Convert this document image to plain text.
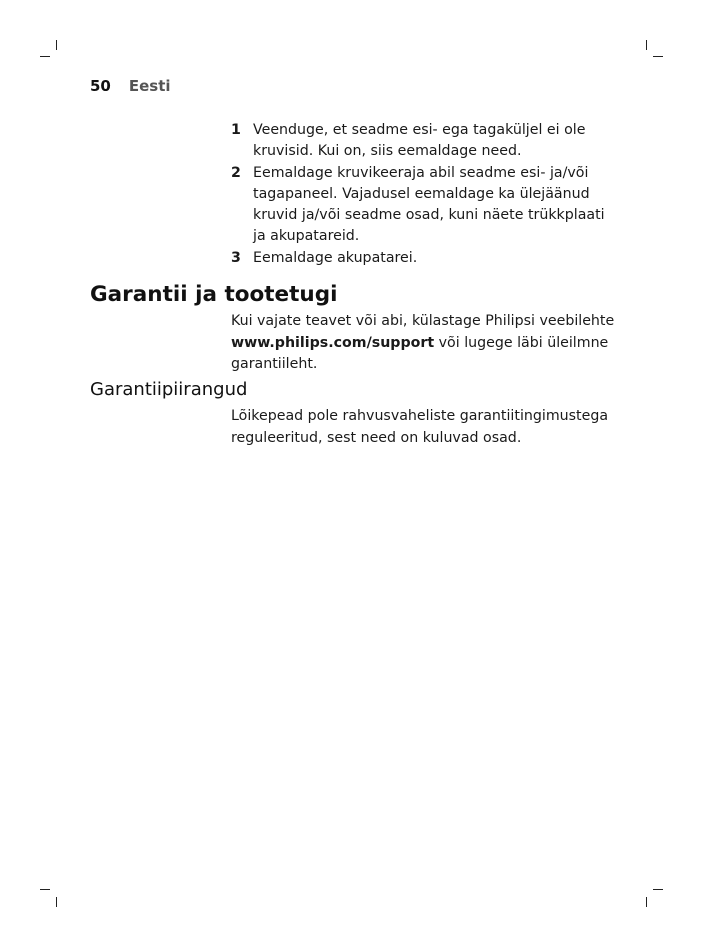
50 Eesti
1 Veenduge, et seadme esi- ega tagaküljel ei ole kruvisid. Kui on, siis eemaldage need.
2 Eemaldage kruvikeeraja abil seadme esi- ja/või tagapaneel. Vajadusel eemaldage ka ülejäänud kruvid ja/või seadme osad, kuni näete trükkplaati ja akupatareid.
3 Eemaldage akupatarei.
Garantii ja tootetugi

Kui vajate teavet või abi, külastage Philipsi veebilehte www.philips.com/support või lugege läbi üleilmne garantiileht.

Garantiipiirangud

Lõikepead pole rahvusvaheliste garantiitingimustega reguleeritud, sest need on kuluvad osad.
